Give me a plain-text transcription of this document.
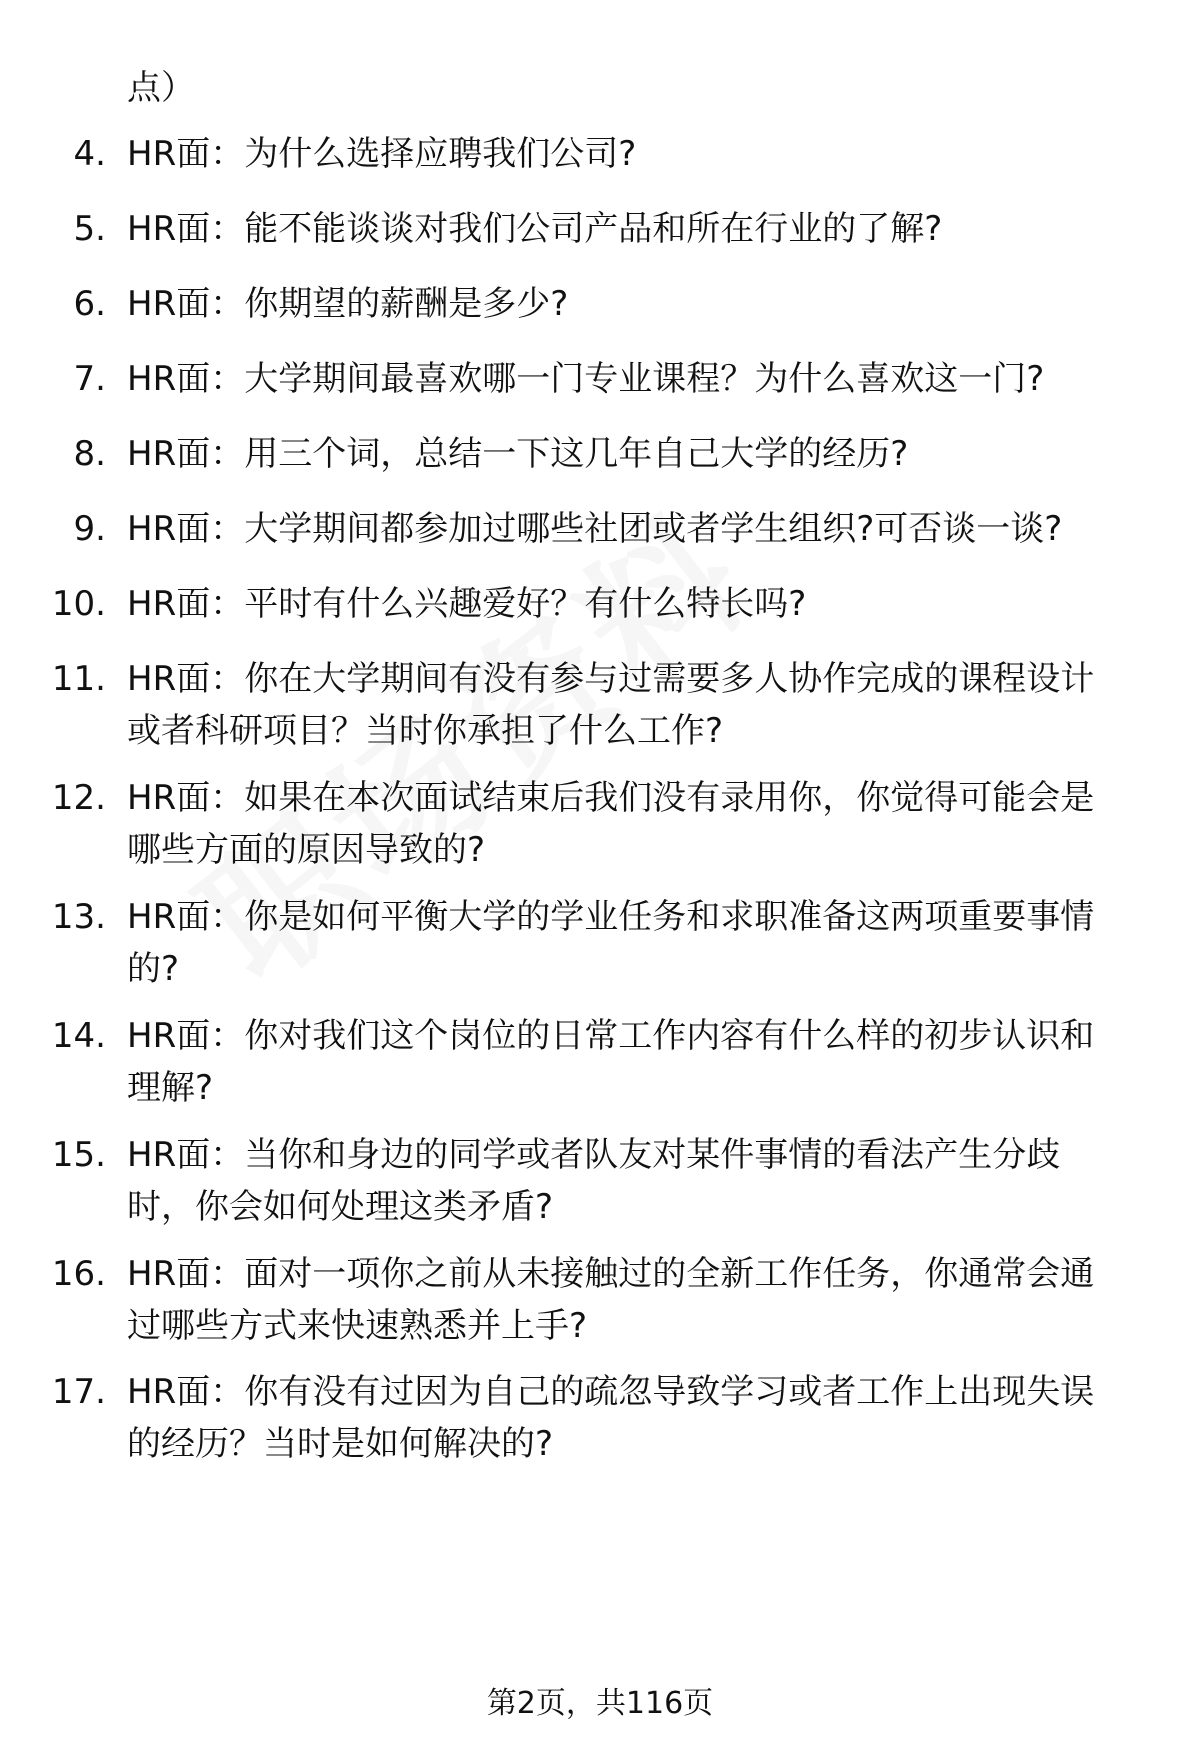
点）
4. HR面：为什么选择应聘我们公司?
5. HR面：能不能谈谈对我们公司产品和所在行业的了解?
6. HR面：你期望的薪酬是多少?
7. HR面：大学期间最喜欢哪一门专业课程？为什么喜欢这一门?
8. HR面：用三个词，总结一下这几年自己大学的经历?
9. HR面：大学期间都参加过哪些社团或者学生组织?可否谈一谈?
10. HR面：平时有什么兴趣爱好？有什么特长吗?
11. HR面：你在大学期间有没有参与过需要多人协作完成的课程设计
或者科研项目？当时你承担了什么工作?
12. HR面：如果在本次面试结束后我们没有录用你，你觉得可能会是
哪些方面的原因导致的?
13. HR面：你是如何平衡大学的学业任务和求职准备这两项重要事情
的?
14. HR面：你对我们这个岗位的日常工作内容有什么样的初步认识和
理解?
15. HR面：当你和身边的同学或者队友对某件事情的看法产生分歧
时，你会如何处理这类矛盾?
16. HR面：面对一项你之前从未接触过的全新工作任务，你通常会通
过哪些方式来快速熟悉并上手?
17. HR面：你有没有过因为自己的疏忽导致学习或者工作上出现失误
的经历？当时是如何解决的?
第2页，共116页
